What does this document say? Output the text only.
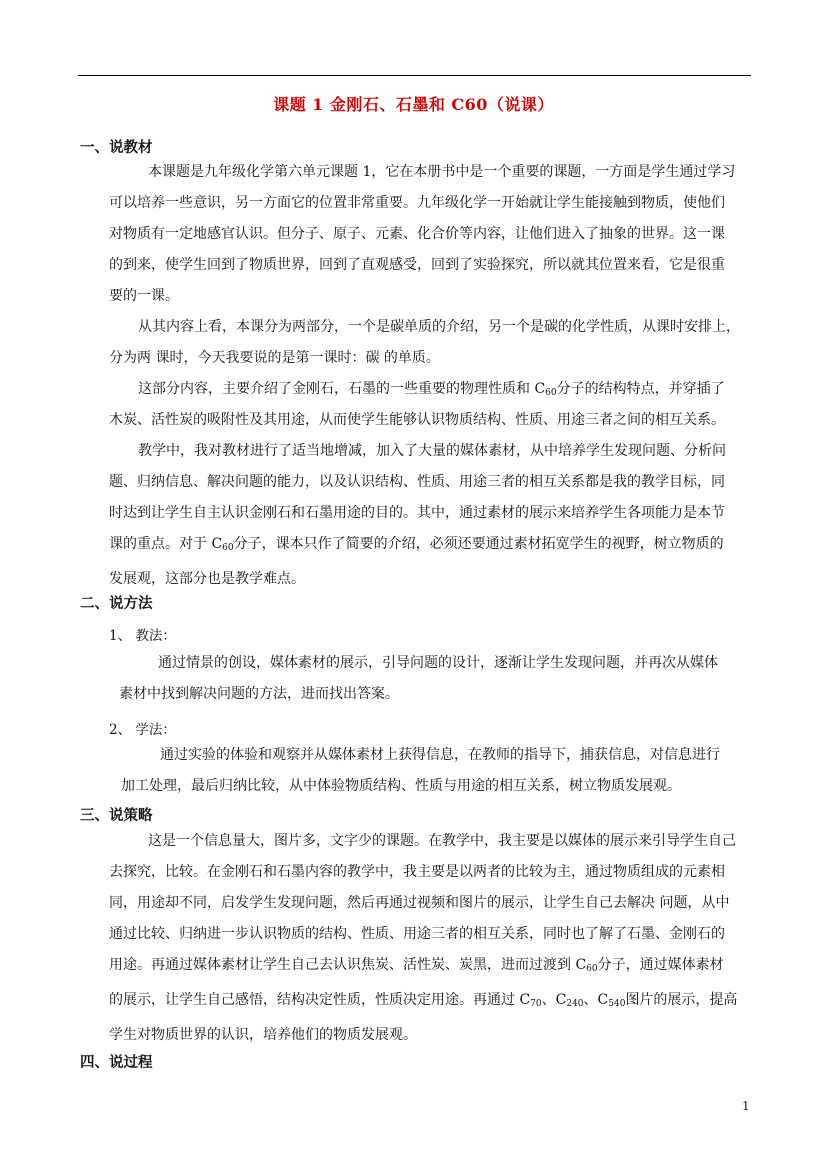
课题 1 金刚石、石墨和 C60（说课）
一、说教材
本课题是九年级化学第六单元课题 1，它在本册书中是一个重要的课题，一方面是学生通过学习
可以培养一些意识，另一方面它的位置非常重要。九年级化学一开始就让学生能接触到物质，使他们
对物质有一定地感官认识。但分子、原子、元素、化合价等内容，让他们进入了抽象的世界。这一课
的到来，使学生回到了物质世界，回到了直观感受，回到了实验探究，所以就其位置来看，它是很重
要的一课。
从其内容上看，本课分为两部分，一个是碳单质的介绍，另一个是碳的化学性质，从课时安排上，
分为两 课时，今天我要说的是第一课时：碳 的单质。
这部分内容，主要介绍了金刚石，石墨的一些重要的物理性质和 $C_{60}$分子的结构特点，并穿插了
木炭、活性炭的吸附性及其用途，从而使学生能够认识物质结构、性质、用途三者之间的相互关系。
教学中，我对教材进行了适当地增减，加入了大量的媒体素材，从中培养学生发现问题、分析问
题、归纳信息、解决问题的能力，以及认识结构、性质、用途三者的相互关系都是我的教学目标，同
时达到让学生自主认识金刚石和石墨用途的目的。其中，通过素材的展示来培养学生各项能力是本节
课的重点。对于 $C_{60}$分子，课本只作了简要的介绍，必须还要通过素材拓宽学生的视野，树立物质的
发展观，这部分也是教学难点。
二、说方法
1、 教法：
通过情景的创设，媒体素材的展示，引导问题的设计，逐渐让学生发现问题，并再次从媒体
素材中找到解决问题的方法，进而找出答案。
2、 学法：
通过实验的体验和观察并从媒体素材上获得信息，在教师的指导下，捕获信息，对信息进行
加工处理，最后归纳比较，从中体验物质结构、性质与用途的相互关系，树立物质发展观。
三、说策略
这是一个信息量大，图片多，文字少的课题。在教学中，我主要是以媒体的展示来引导学生自己
去探究，比较。在金刚石和石墨内容的教学中，我主要是以两者的比较为主，通过物质组成的元素相
同，用途却不同，启发学生发现问题，然后再通过视频和图片的展示，让学生自己去解决 问题，从中
通过比较、归纳进一步认识物质的结构、性质、用途三者的相互关系，同时也了解了石墨、金刚石的
用途。再通过媒体素材让学生自己去认识焦炭、活性炭、炭黑，进而过渡到 $C_{60}$分子，通过媒体素材
的展示，让学生自己感悟，结构决定性质，性质决定用途。再通过 $C_{70}$、$C_{240}$、$C_{540}$图片的展示，提高
学生对物质世界的认识，培养他们的物质发展观。
四、说过程
1
